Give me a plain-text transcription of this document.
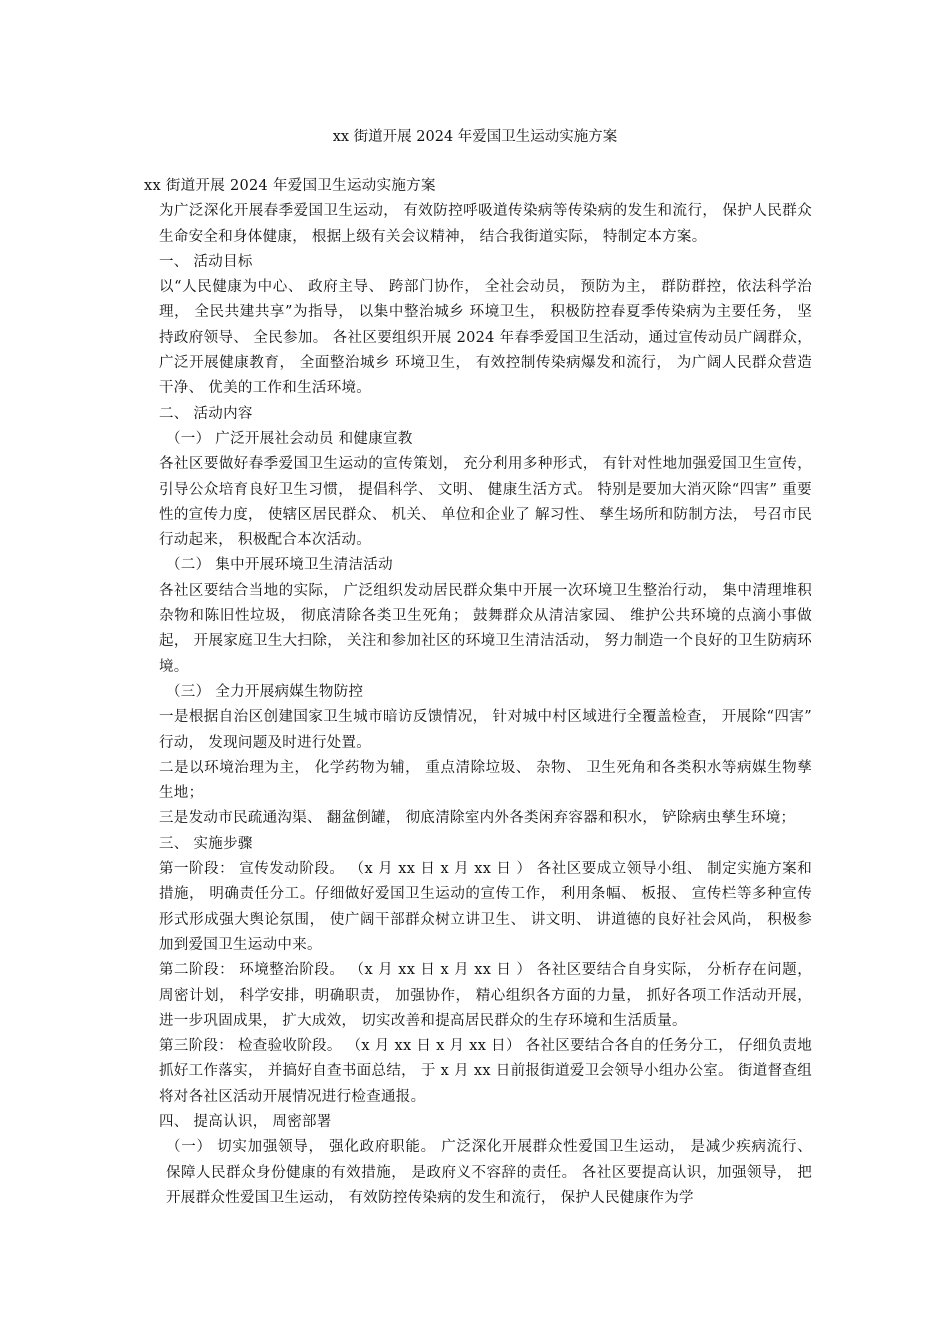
xx 街道开展 2024 年爱国卫生运动实施方案

xx 街道开展 2024 年爱国卫生运动实施方案

为广泛深化开展春季爱国卫生运动， 有效防控呼吸道传染病等传染病的发生和流行， 保护人民群众生命安全和身体健康， 根据上级有关会议精神， 结合我街道实际， 特制定本方案。

一、 活动目标

以“人民健康为中心、 政府主导、 跨部门协作， 全社会动员， 预防为主， 群防群控，依法科学治理， 全民共建共享”为指导， 以集中整治城乡 环境卫生， 积极防控春夏季传染病为主要任务， 坚持政府领导、 全民参加。 各社区要组织开展 2024 年春季爱国卫生活动，通过宣传动员广阔群众， 广泛开展健康教育， 全面整治城乡 环境卫生， 有效控制传染病爆发和流行， 为广阔人民群众营造干净、 优美的工作和生活环境。

二、 活动内容

（一） 广泛开展社会动员 和健康宣教

各社区要做好春季爱国卫生运动的宣传策划， 充分利用多种形式， 有针对性地加强爱国卫生宣传， 引导公众培育良好卫生习惯， 提倡科学、 文明、 健康生活方式。 特别是要加大消灭除“四害” 重要性的宣传力度， 使辖区居民群众、 机关、 单位和企业了 解习性、 孳生场所和防制方法， 号召市民行动起来， 积极配合本次活动。

（二） 集中开展环境卫生清洁活动

各社区要结合当地的实际， 广泛组织发动居民群众集中开展一次环境卫生整治行动， 集中清理堆积杂物和陈旧性垃圾， 彻底清除各类卫生死角； 鼓舞群众从清洁家园、 维护公共环境的点滴小事做起， 开展家庭卫生大扫除， 关注和参加社区的环境卫生清洁活动， 努力制造一个良好的卫生防病环境。

（三） 全力开展病媒生物防控

一是根据自治区创建国家卫生城市暗访反馈情况， 针对城中村区域进行全覆盖检查， 开展除“四害” 行动， 发现问题及时进行处置。

二是以环境治理为主， 化学药物为辅， 重点清除垃圾、 杂物、 卫生死角和各类积水等病媒生物孳生地；

三是发动市民疏通沟渠、 翻盆倒罐， 彻底清除室内外各类闲弃容器和积水， 铲除病虫孳生环境；

三、 实施步骤

第一阶段： 宣传发动阶段。 （x 月 xx 日 x 月 xx 日 ） 各社区要成立领导小组、 制定实施方案和措施， 明确责任分工。仔细做好爱国卫生运动的宣传工作， 利用条幅、 板报、 宣传栏等多种宣传形式形成强大舆论氛围， 使广阔干部群众树立讲卫生、 讲文明、 讲道德的良好社会风尚， 积极参加到爱国卫生运动中来。

第二阶段： 环境整治阶段。 （x 月 xx 日 x 月 xx 日 ） 各社区要结合自身实际， 分析存在问题， 周密计划， 科学安排，明确职责， 加强协作， 精心组织各方面的力量， 抓好各项工作活动开展， 进一步巩固成果， 扩大成效， 切实改善和提高居民群众的生存环境和生活质量。

第三阶段： 检查验收阶段。 （x 月 xx 日 x 月 xx 日） 各社区要结合各自的任务分工， 仔细负责地抓好工作落实， 并搞好自查书面总结， 于 x 月 xx 日前报街道爱卫会领导小组办公室。 街道督查组将对各社区活动开展情况进行检查通报。

四、 提高认识， 周密部署

（一） 切实加强领导， 强化政府职能。 广泛深化开展群众性爱国卫生运动， 是减少疾病流行、 保障人民群众身份健康的有效措施， 是政府义不容辞的责任。 各社区要提高认识，加强领导， 把开展群众性爱国卫生运动， 有效防控传染病的发生和流行， 保护人民健康作为学
